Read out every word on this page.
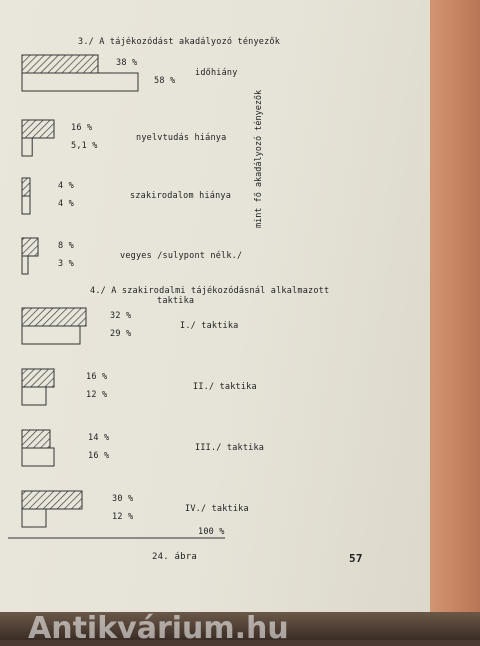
3./ A tájékozódást akadályozó tényezők
mint fő akadályozó tényezők
4./ A szakirodalmi tájékozódásnál alkalmazott
taktika
100 %
24. ábra	57
Antikvárium.hu
38 %
58 %
időhiány
16 %
5,1 %
nyelvtudás hiánya
4 %
4 %
szakirodalom hiánya
8 %
3 %
vegyes /sulypont nélk./
32 %
29 %
I./ taktika
16 %
12 %
II./ taktika
14 %
16 %
III./ taktika
30 %
12 %
IV./ taktika
